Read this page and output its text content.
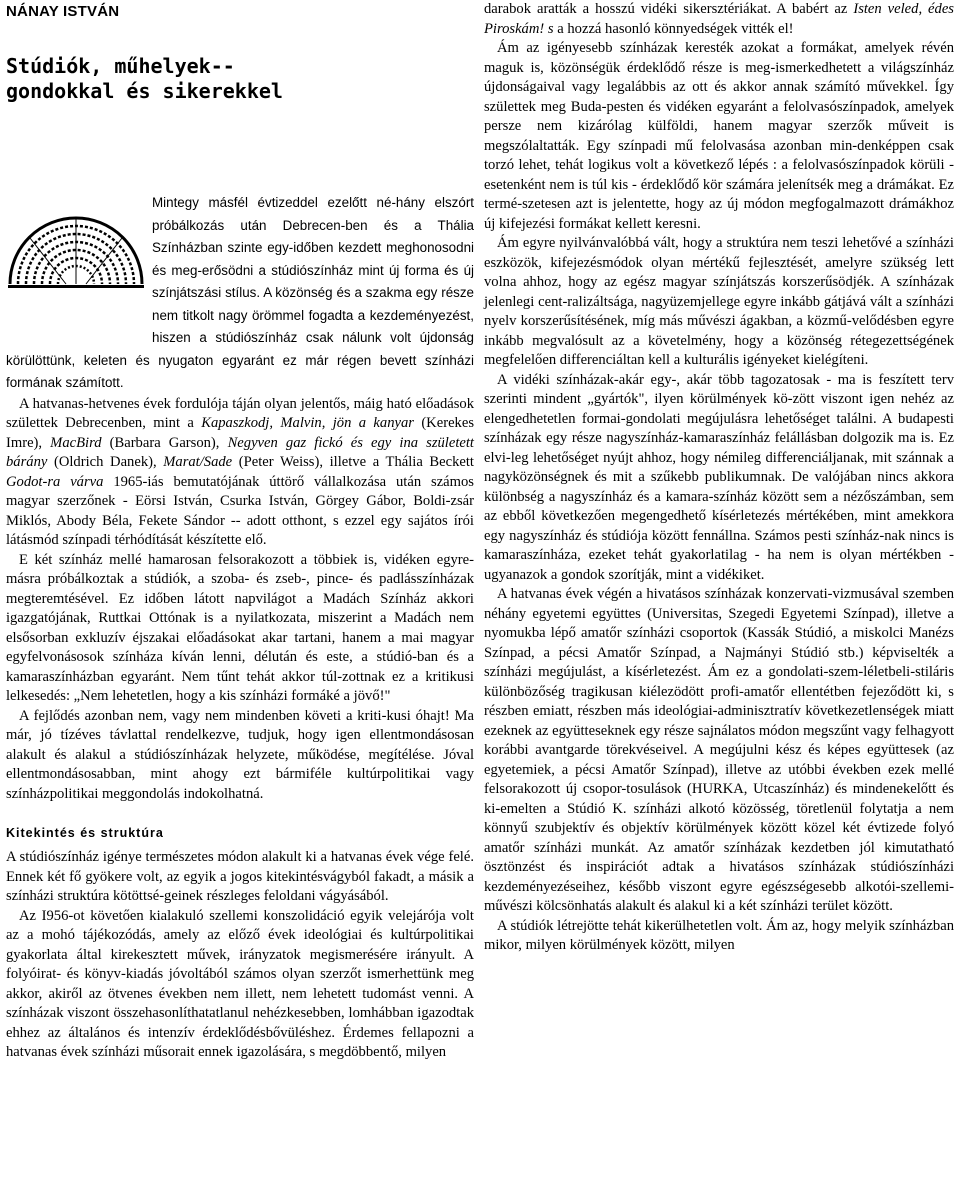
NÁNAY ISTVÁN
Stúdiók, műhelyek--
gondokkal és sikerekkel

Mintegy másfél évtizeddel ezelőtt né-hány elszórt próbálkozás után Debrecen-ben és a Thália Színházban szinte egy-időben kezdett meghonosodni és meg-erősödni a stúdiószínház mint új forma és új színjátszási stílus. A közönség és a szakma egy része nem titkolt nagy örömmel fogadta a kezdeményezést, hiszen a stúdiószínház csak nálunk volt újdonság körülöttünk, keleten és nyugaton egyaránt ez már régen bevett színházi formának számított.

A hatvanas-hetvenes évek fordulója táján olyan jelentős, máig ható előadások születtek Debrecenben, mint a Kapaszkodj, Malvin, jön a kanyar (Kerekes Imre), MacBird (Barbara Garson), Negyven gaz fickó és egy ina született bárány (Oldrich Danek), Marat/Sade (Peter Weiss), illetve a Thália Beckett Godot-ra várva 1965-iás bemutatójának úttörő vállalkozása után számos magyar szerzőnek - Eörsi István, Csurka István, Görgey Gábor, Boldi-zsár Miklós, Abody Béla, Fekete Sándor -- adott otthont, s ezzel egy sajátos írói látásmód színpadi térhódítását készítette elő.

E két színház mellé hamarosan felsorakozott a többiek is, vidéken egyre-másra próbálkoztak a stúdiók, a szoba- és zseb-, pince- és padlásszínházak megteremtésével. Ez időben látott napvilágot a Madách Színház akkori igazgatójának, Ruttkai Ottónak is a nyilatkozata, miszerint a Madách nem elsősorban exkluzív éjszakai előadásokat akar tartani, hanem a mai magyar egyfelvonásosok színháza kíván lenni, délután és este, a stúdió-ban és a kamaraszínházban egyaránt. Nem tűnt tehát akkor túl-zottnak ez a kritikusi lelkesedés: „Nem lehetetlen, hogy a kis színházi formáké a jövő!"

A fejlődés azonban nem, vagy nem mindenben követi a kriti-kusi óhajt! Ma már, jó tízéves távlattal rendelkezve, tudjuk, hogy igen ellentmondásosan alakult és alakul a stúdiószínházak helyzete, működése, megítélése. Jóval ellentmondásosabban, mint ahogy ezt bármiféle kultúrpolitikai vagy színházpolitikai meggondolás indokolhatná.

Kitekintés és struktúra

A stúdiószínház igénye természetes módon alakult ki a hatvanas évek vége felé. Ennek két fő gyökere volt, az egyik a jogos kitekintésvágyból fakadt, a másik a színházi struktúra kötöttsé-geinek részleges feloldani vágyásából.

Az I956-ot követően kialakuló szellemi konszolidáció egyik velejárója volt az a mohó tájékozódás, amely az előző évek ideológiai és kultúrpolitikai gyakorlata által kirekesztett művek, irányzatok megismerésére irányult. A folyóirat- és könyv-kiadás jóvoltából számos olyan szerzőt ismerhettünk meg akkor, akiről az ötvenes években nem illett, nem lehetett tudomást venni. A színházak viszont összehasonlíthatatlanul nehézkesebben, lomhábban igazodtak ehhez az általános és intenzív érdeklődésbővüléshez. Érdemes fellapozni a hatvanas évek színházi műsorait ennek igazolására, s megdöbbentő, milyen

darabok aratták a hosszú vidéki sikersztériákat. A babért az Isten veled, édes Piroskám! s a hozzá hasonló könnyedségek vitték el!

Ám az igényesebb színházak keresték azokat a formákat, amelyek révén maguk is, közönségük érdeklődő része is meg-ismerkedhetett a világszínház újdonságaival vagy legalábbis az ott és akkor annak számító művekkel. Így születtek meg Buda-pesten és vidéken egyaránt a felolvasószínpadok, amelyek persze nem kizárólag külföldi, hanem magyar szerzők műveit is megszólaltatták. Egy színpadi mű felolvasása azonban min-denképpen csak torzó lehet, tehát logikus volt a következő lépés : a felolvasószínpadok körüli - esetenként nem is túl kis - érdeklődő kör számára jelenítsék meg a drámákat. Ez termé-szetesen azt is jelentette, hogy az új módon megfogalmazott drámákhoz új kifejezési formákat kellett keresni.

Ám egyre nyilvánvalóbbá vált, hogy a struktúra nem teszi lehetővé a színházi eszközök, kifejezésmódok olyan mértékű fejlesztését, amelyre szükség lett volna ahhoz, hogy az egész magyar színjátszás korszerűsödjék. A színházak jelenlegi cent-ralizáltsága, nagyüzemjellege egyre inkább gátjává vált a színházi nyelv korszerűsítésének, míg más művészi ágakban, a közmű-velődésben egyre inkább megvalósult az a követelmény, hogy a közönség rétegezettségének megfelelően differenciáltan kell a kulturális igényeket kielégíteni.

A vidéki színházak-akár egy-, akár több tagozatosak - ma is feszített terv szerinti mindent „gyártók", ilyen körülmények kö-zött viszont igen nehéz az elengedhetetlen formai-gondolati megújulásra lehetőséget találni. A budapesti színházak egy része nagyszínház-kamaraszínház felállásban dolgozik ma is. Ez elvi-leg lehetőséget nyújt ahhoz, hogy némileg differenciáljanak, mit szánnak a nagyközönségnek és mit a szűkebb publikumnak. De valójában nincs akkora különbség a nagyszínház és a kamara-színház között sem a nézőszámban, sem az ebből következően megengedhető kísérletezés mértékében, mint amekkora egy nagyszínház és stúdiója között fennállna. Számos pesti színház-nak nincs is kamaraszínháza, ezeket tehát gyakorlatilag - ha nem is olyan mértékben - ugyanazok a gondok szorítják, mint a vidékiket.

A hatvanas évek végén a hivatásos színházak konzervati-vizmusával szemben néhány egyetemi együttes (Universitas, Szegedi Egyetemi Színpad), illetve a nyomukba lépő amatőr színházi csoportok (Kassák Stúdió, a miskolci Manézs Színpad, a pécsi Amatőr Színpad, a Najmányi Stúdió stb.) képviselték a színházi megújulást, a kísérletezést. Ám ez a gondolati-szem-léletbeli-stiláris különbözőség tragikusan kiélezödött profi-amatőr ellentétben fejeződött ki, s részben emiatt, részben más ideológiai-adminisztratív következetlenségek miatt ezeknek az együtteseknek egy része sajnálatos módon megszűnt vagy felhagyott korábbi avantgarde törekvéseivel. A megújulni kész és képes együttesek (az egyetemiek, a pécsi Amatőr Színpad), illetve az utóbbi években ezek mellé felsorakozott új csopor-tosulások (HURKA, Utcaszínház) és mindenekelőtt és ki-emelten a Stúdió K. színházi alkotó közösség, töretlenül folytatja a nem könnyű szubjektív és objektív körülmények között közel két évtizede folyó amatőr színházi munkát. Az amatőr színházak kezdetben jól kimutatható ösztönzést és inspirációt adtak a hivatásos színházak stúdiószínházi kezdeményezéseihez, később viszont egyre egészségesebb alkotói-szellemi- művészi kölcsönhatás alakult és alakul ki a két színházi terület között.

A stúdiók létrejötte tehát kikerülhetetlen volt. Ám az, hogy melyik színházban mikor, milyen körülmények között, milyen
